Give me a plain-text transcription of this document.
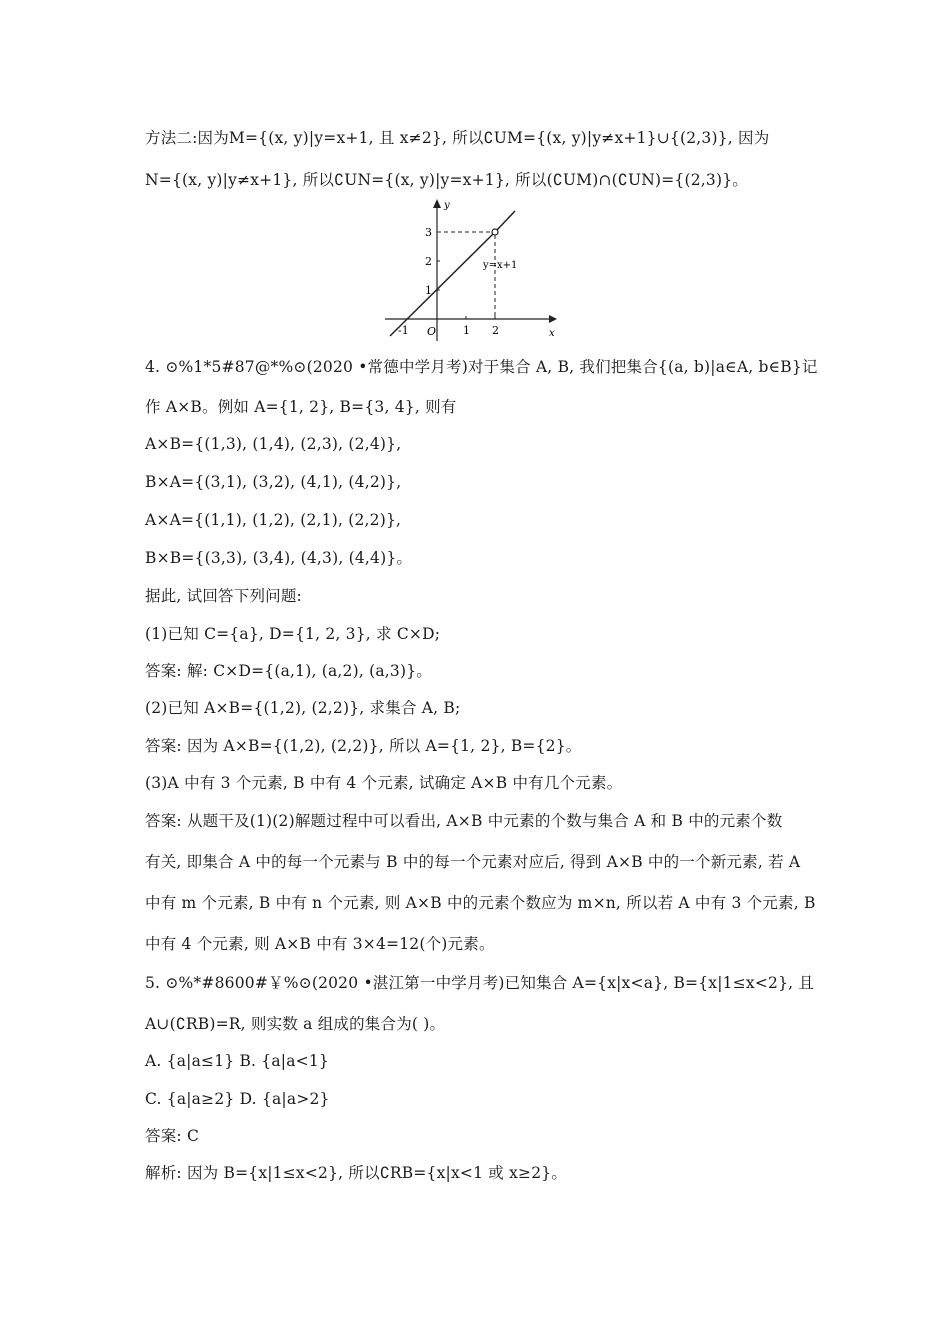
方法二:因为M={(x, y)|y=x+1, 且 x≠2}, 所以∁UM={(x, y)|y≠x+1}∪{(2,3)}, 因为
N={(x, y)|y≠x+1}, 所以∁UN={(x, y)|y=x+1}, 所以(∁UM)∩(∁UN)={(2,3)}。
y
x
O
-1	1 2
1
2
3
y=x+1
4. ⊙%1*5#87@*%⊙(2020 •常德中学月考)对于集合 A, B, 我们把集合{(a, b)|a∈A, b∈B}记
作 A×B。例如 A={1, 2}, B={3, 4}, 则有
A×B={(1,3), (1,4), (2,3), (2,4)},
B×A={(3,1), (3,2), (4,1), (4,2)},
A×A={(1,1), (1,2), (2,1), (2,2)},
B×B={(3,3), (3,4), (4,3), (4,4)}。
据此, 试回答下列问题:
(1)已知 C={a}, D={1, 2, 3}, 求 C×D;
答案: 解: C×D={(a,1), (a,2), (a,3)}。
(2)已知 A×B={(1,2), (2,2)}, 求集合 A, B;
答案: 因为 A×B={(1,2), (2,2)}, 所以 A={1, 2}, B={2}。
(3)A 中有 3 个元素, B 中有 4 个元素, 试确定 A×B 中有几个元素。
答案: 从题干及(1)(2)解题过程中可以看出, A×B 中元素的个数与集合 A 和 B 中的元素个数
有关, 即集合 A 中的每一个元素与 B 中的每一个元素对应后, 得到 A×B 中的一个新元素, 若 A
中有 m 个元素, B 中有 n 个元素, 则 A×B 中的元素个数应为 m×n, 所以若 A 中有 3 个元素, B
中有 4 个元素, 则 A×B 中有 3×4=12(个)元素。
5. ⊙%*#8600#￥%⊙(2020 •湛江第一中学月考)已知集合 A={x|x<a}, B={x|1≤x<2}, 且
A∪(∁RB)=R, 则实数 a 组成的集合为( )。
A. {a|a≤1} B. {a|a<1}
C. {a|a≥2} D. {a|a>2}
答案: C
解析: 因为 B={x|1≤x<2}, 所以∁RB={x|x<1 或 x≥2}。
